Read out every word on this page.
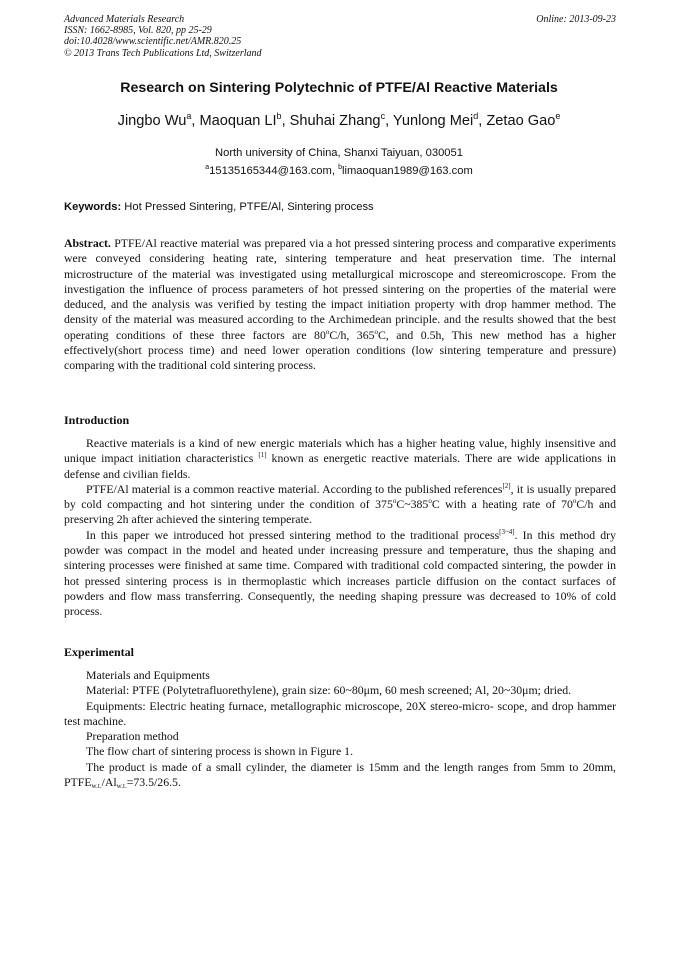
Advanced Materials Research
ISSN: 1662-8985, Vol. 820, pp 25-29
doi:10.4028/www.scientific.net/AMR.820.25
© 2013 Trans Tech Publications Ltd, Switzerland
Online: 2013-09-23
Research on Sintering Polytechnic of PTFE/Al Reactive Materials
Jingbo Wu$^a$, Maoquan $LI^b$, Shuhai Zhang$^c$, Yunlong Mei$^d$, Zetao Gao$^e$
North university of China, Shanxi Taiyuan, 030051
$^a$15135165344@163.com, $^b$limaoquan1989@163.com
Keywords: Hot Pressed Sintering, PTFE/Al, Sintering process
Abstract. PTFE/Al reactive material was prepared via a hot pressed sintering process and comparative experiments were conveyed considering heating rate, sintering temperature and heat preservation time. The internal microstructure of the material was investigated using metallurgical microscope and stereomicroscope. From the investigation the influence of process parameters of hot pressed sintering on the properties of the material were deduced, and the analysis was verified by testing the impact initiation property with drop hammer method. The density of the material was measured according to the Archimedean principle. and the results showed that the best operating conditions of these three factors are 80$^o$C/h, 365$^o$C, and 0.5h, This new method has a higher effectively(short process time) and need lower operation conditions (low sintering temperature and pressure) comparing with the traditional cold sintering process.
Introduction

Reactive materials is a kind of new energic materials which has a higher heating value, highly insensitive and unique impact initiation characteristics [1] known as energetic reactive materials. There are wide applications in defense and civilian fields.

PTFE/Al material is a common reactive material. According to the published references[2], it is usually prepared by cold compacting and hot sintering under the condition of 375$^o$C~385$^o$C with a heating rate of 70$^o$C/h and preserving 2h after achieved the sintering temperate.

In this paper we introduced hot pressed sintering method to the traditional process[3~4]. In this method dry powder was compact in the model and heated under increasing pressure and temperature, thus the shaping and sintering processes were finished at same time. Compared with traditional cold compacted sintering, the powder in hot pressed sintering process is in thermoplastic which increases particle diffusion on the contact surfaces of powders and flow mass transferring. Consequently, the needing shaping pressure was decreased to 10% of cold process.

Experimental

Materials and Equipments

Material: PTFE (Polytetrafluorethylene), grain size: 60~80μm, 60 mesh screened; Al, 20~30μm; dried.

Equipments: Electric heating furnace, metallographic microscope, 20X stereo-micro- scope, and drop hammer test machine.

Preparation method

The flow chart of sintering process is shown in Figure 1.

The product is made of a small cylinder, the diameter is 15mm and the length ranges from 5mm to 20mm, $PTFE_{w.t.}/Al_{w.t.}=73.5/26.5$.
